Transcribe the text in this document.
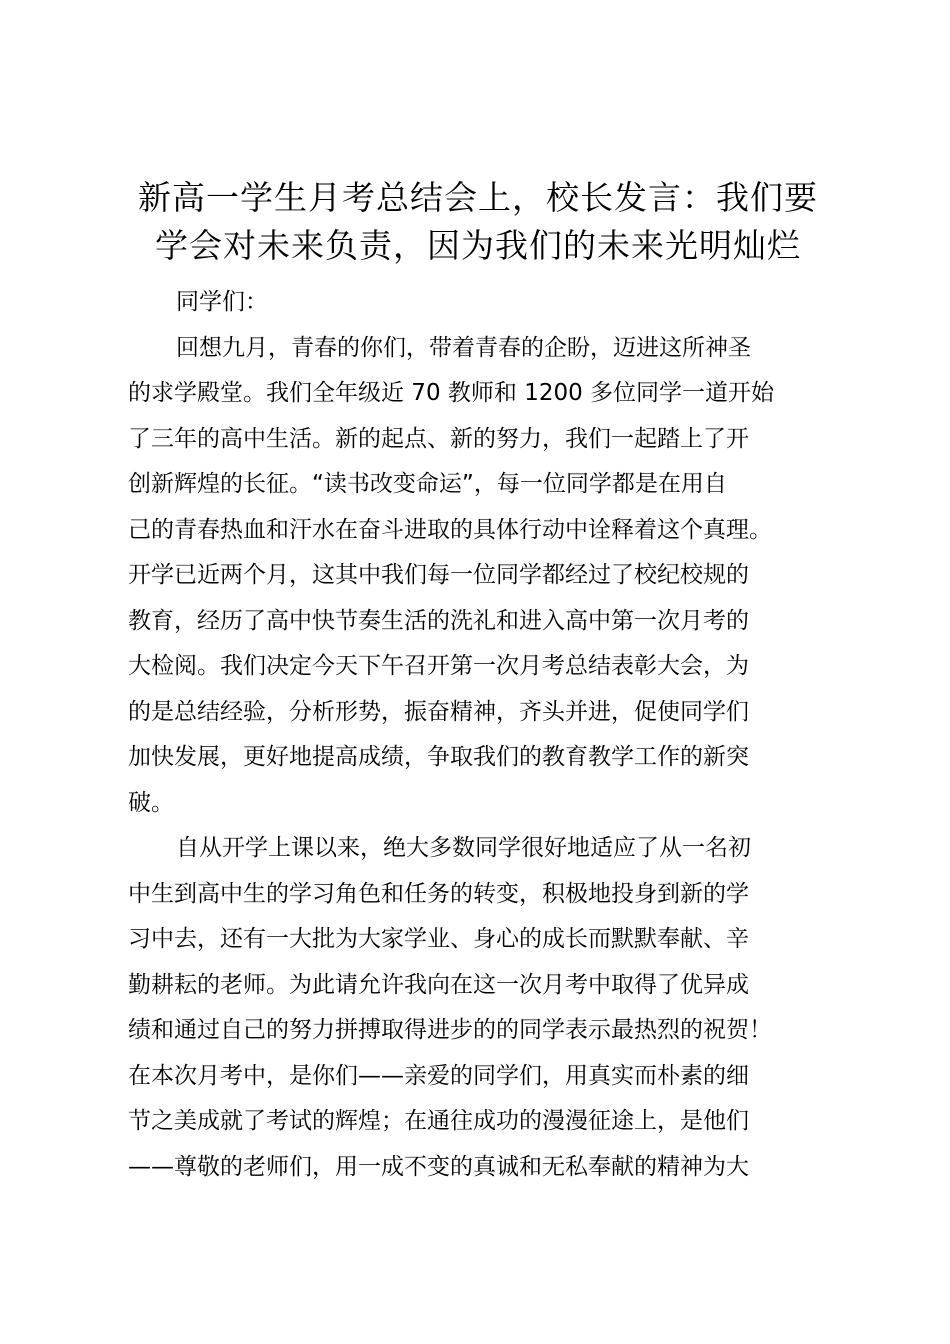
新高一学生月考总结会上，校长发言：我们要
学会对未来负责，因为我们的未来光明灿烂
同学们：
回想九月，青春的你们，带着青春的企盼，迈进这所神圣
的求学殿堂。我们全年级近 70 教师和 1200 多位同学一道开始
了三年的高中生活。新的起点、新的努力，我们一起踏上了开
创新辉煌的长征。“读书改变命运”，每一位同学都是在用自
己的青春热血和汗水在奋斗进取的具体行动中诠释着这个真理。
开学已近两个月，这其中我们每一位同学都经过了校纪校规的
教育，经历了高中快节奏生活的洗礼和进入高中第一次月考的
大检阅。我们决定今天下午召开第一次月考总结表彰大会，为
的是总结经验，分析形势，振奋精神，齐头并进，促使同学们
加快发展，更好地提高成绩，争取我们的教育教学工作的新突
破。
自从开学上课以来，绝大多数同学很好地适应了从一名初
中生到高中生的学习角色和任务的转变，积极地投身到新的学
习中去，还有一大批为大家学业、身心的成长而默默奉献、辛
勤耕耘的老师。为此请允许我向在这一次月考中取得了优异成
绩和通过自己的努力拼搏取得进步的的同学表示最热烈的祝贺！
在本次月考中，是你们——亲爱的同学们，用真实而朴素的细
节之美成就了考试的辉煌；在通往成功的漫漫征途上，是他们
——尊敬的老师们，用一成不变的真诚和无私奉献的精神为大
